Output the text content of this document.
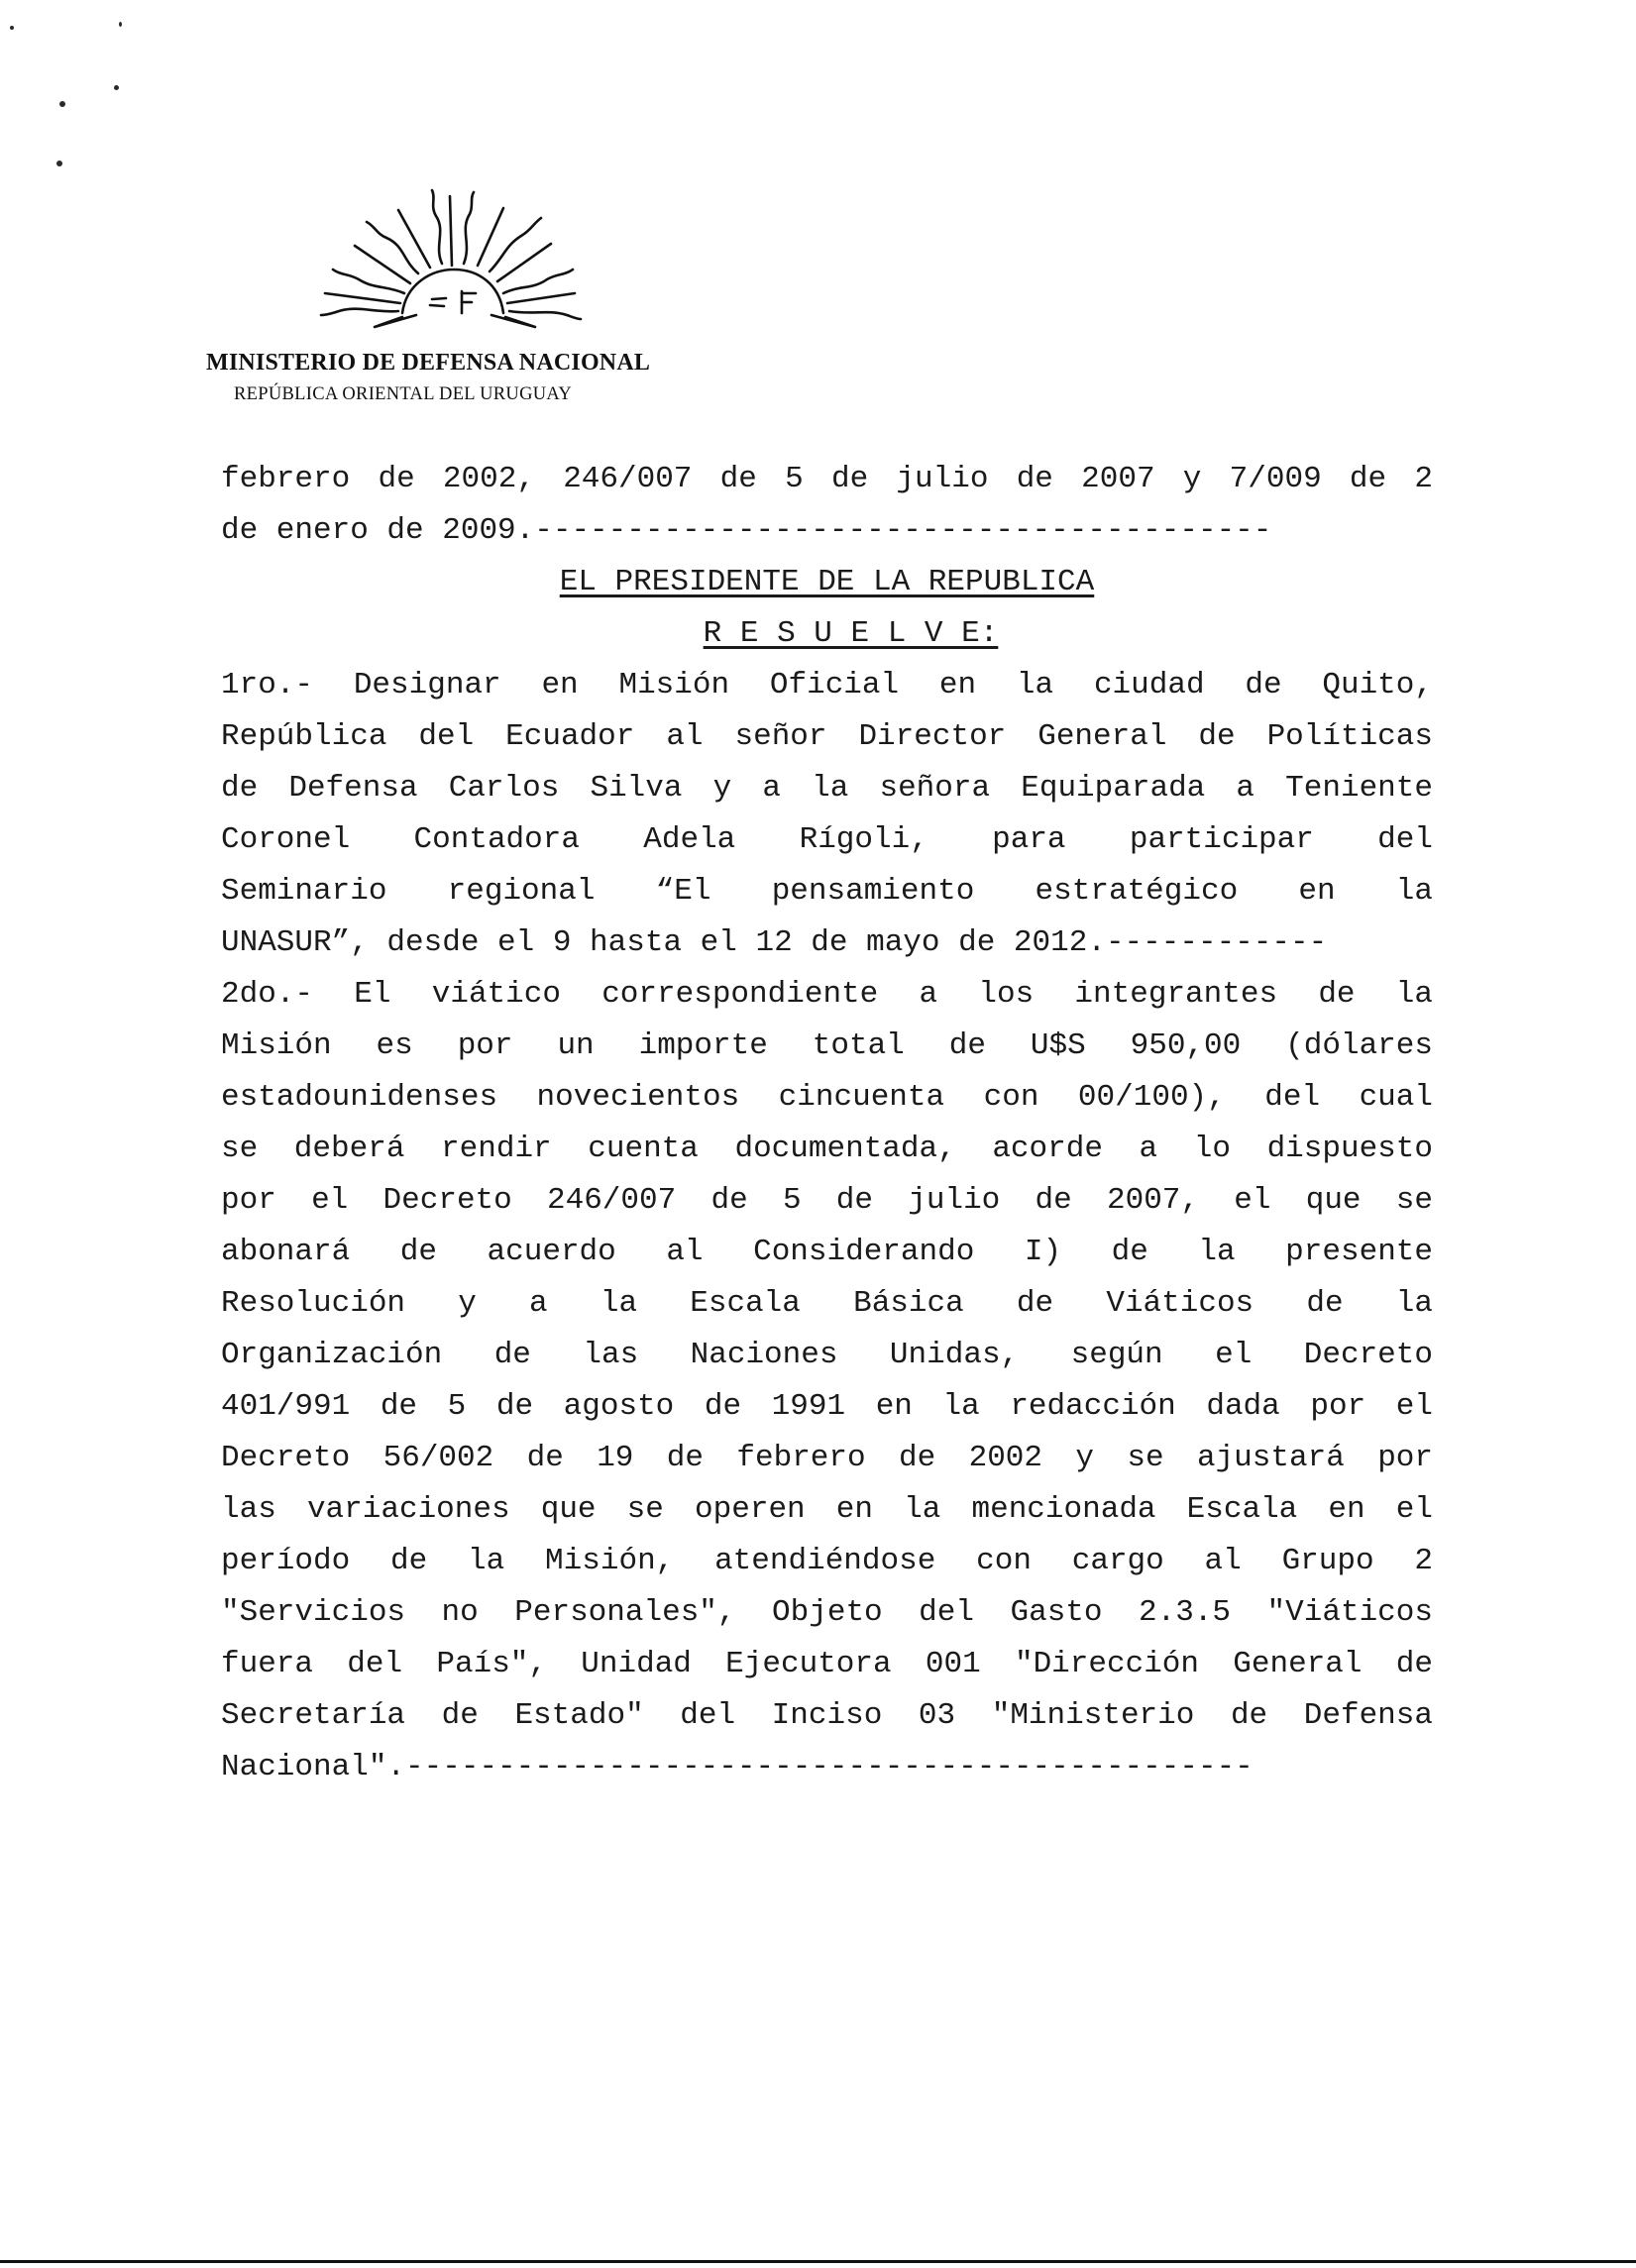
MINISTERIO DE DEFENSA NACIONAL
REPÚBLICA ORIENTAL DEL URUGUAY
febrero de 2002, 246/007 de 5 de julio de 2007 y 7/009 de 2
de enero de 2009.----------------------------------------
EL PRESIDENTE DE LA REPUBLICA
R E S U E L V E:
1ro.- Designar en Misión Oficial en la ciudad de Quito,
República del Ecuador al señor Director General de Políticas
de Defensa Carlos Silva y a la señora Equiparada a Teniente
Coronel Contadora Adela Rígoli, para participar del
Seminario regional “El pensamiento estratégico en la
UNASUR”, desde el 9 hasta el 12 de mayo de 2012.------------
2do.- El viático correspondiente a los integrantes de la
Misión es por un importe total de U$S 950,00 (dólares
estadounidenses novecientos cincuenta con 00/100), del cual
se deberá rendir cuenta documentada, acorde a lo dispuesto
por el Decreto 246/007 de 5 de julio de 2007, el que se
abonará de acuerdo al Considerando I) de la presente
Resolución y a la Escala Básica de Viáticos de la
Organización de las Naciones Unidas, según el Decreto
401/991 de 5 de agosto de 1991 en la redacción dada por el
Decreto 56/002 de 19 de febrero de 2002 y se ajustará por
las variaciones que se operen en la mencionada Escala en el
período de la Misión, atendiéndose con cargo al Grupo 2
"Servicios no Personales", Objeto del Gasto 2.3.5 "Viáticos
fuera del País", Unidad Ejecutora 001 "Dirección General de
Secretaría de Estado" del Inciso 03 "Ministerio de Defensa
Nacional".----------------------------------------------
